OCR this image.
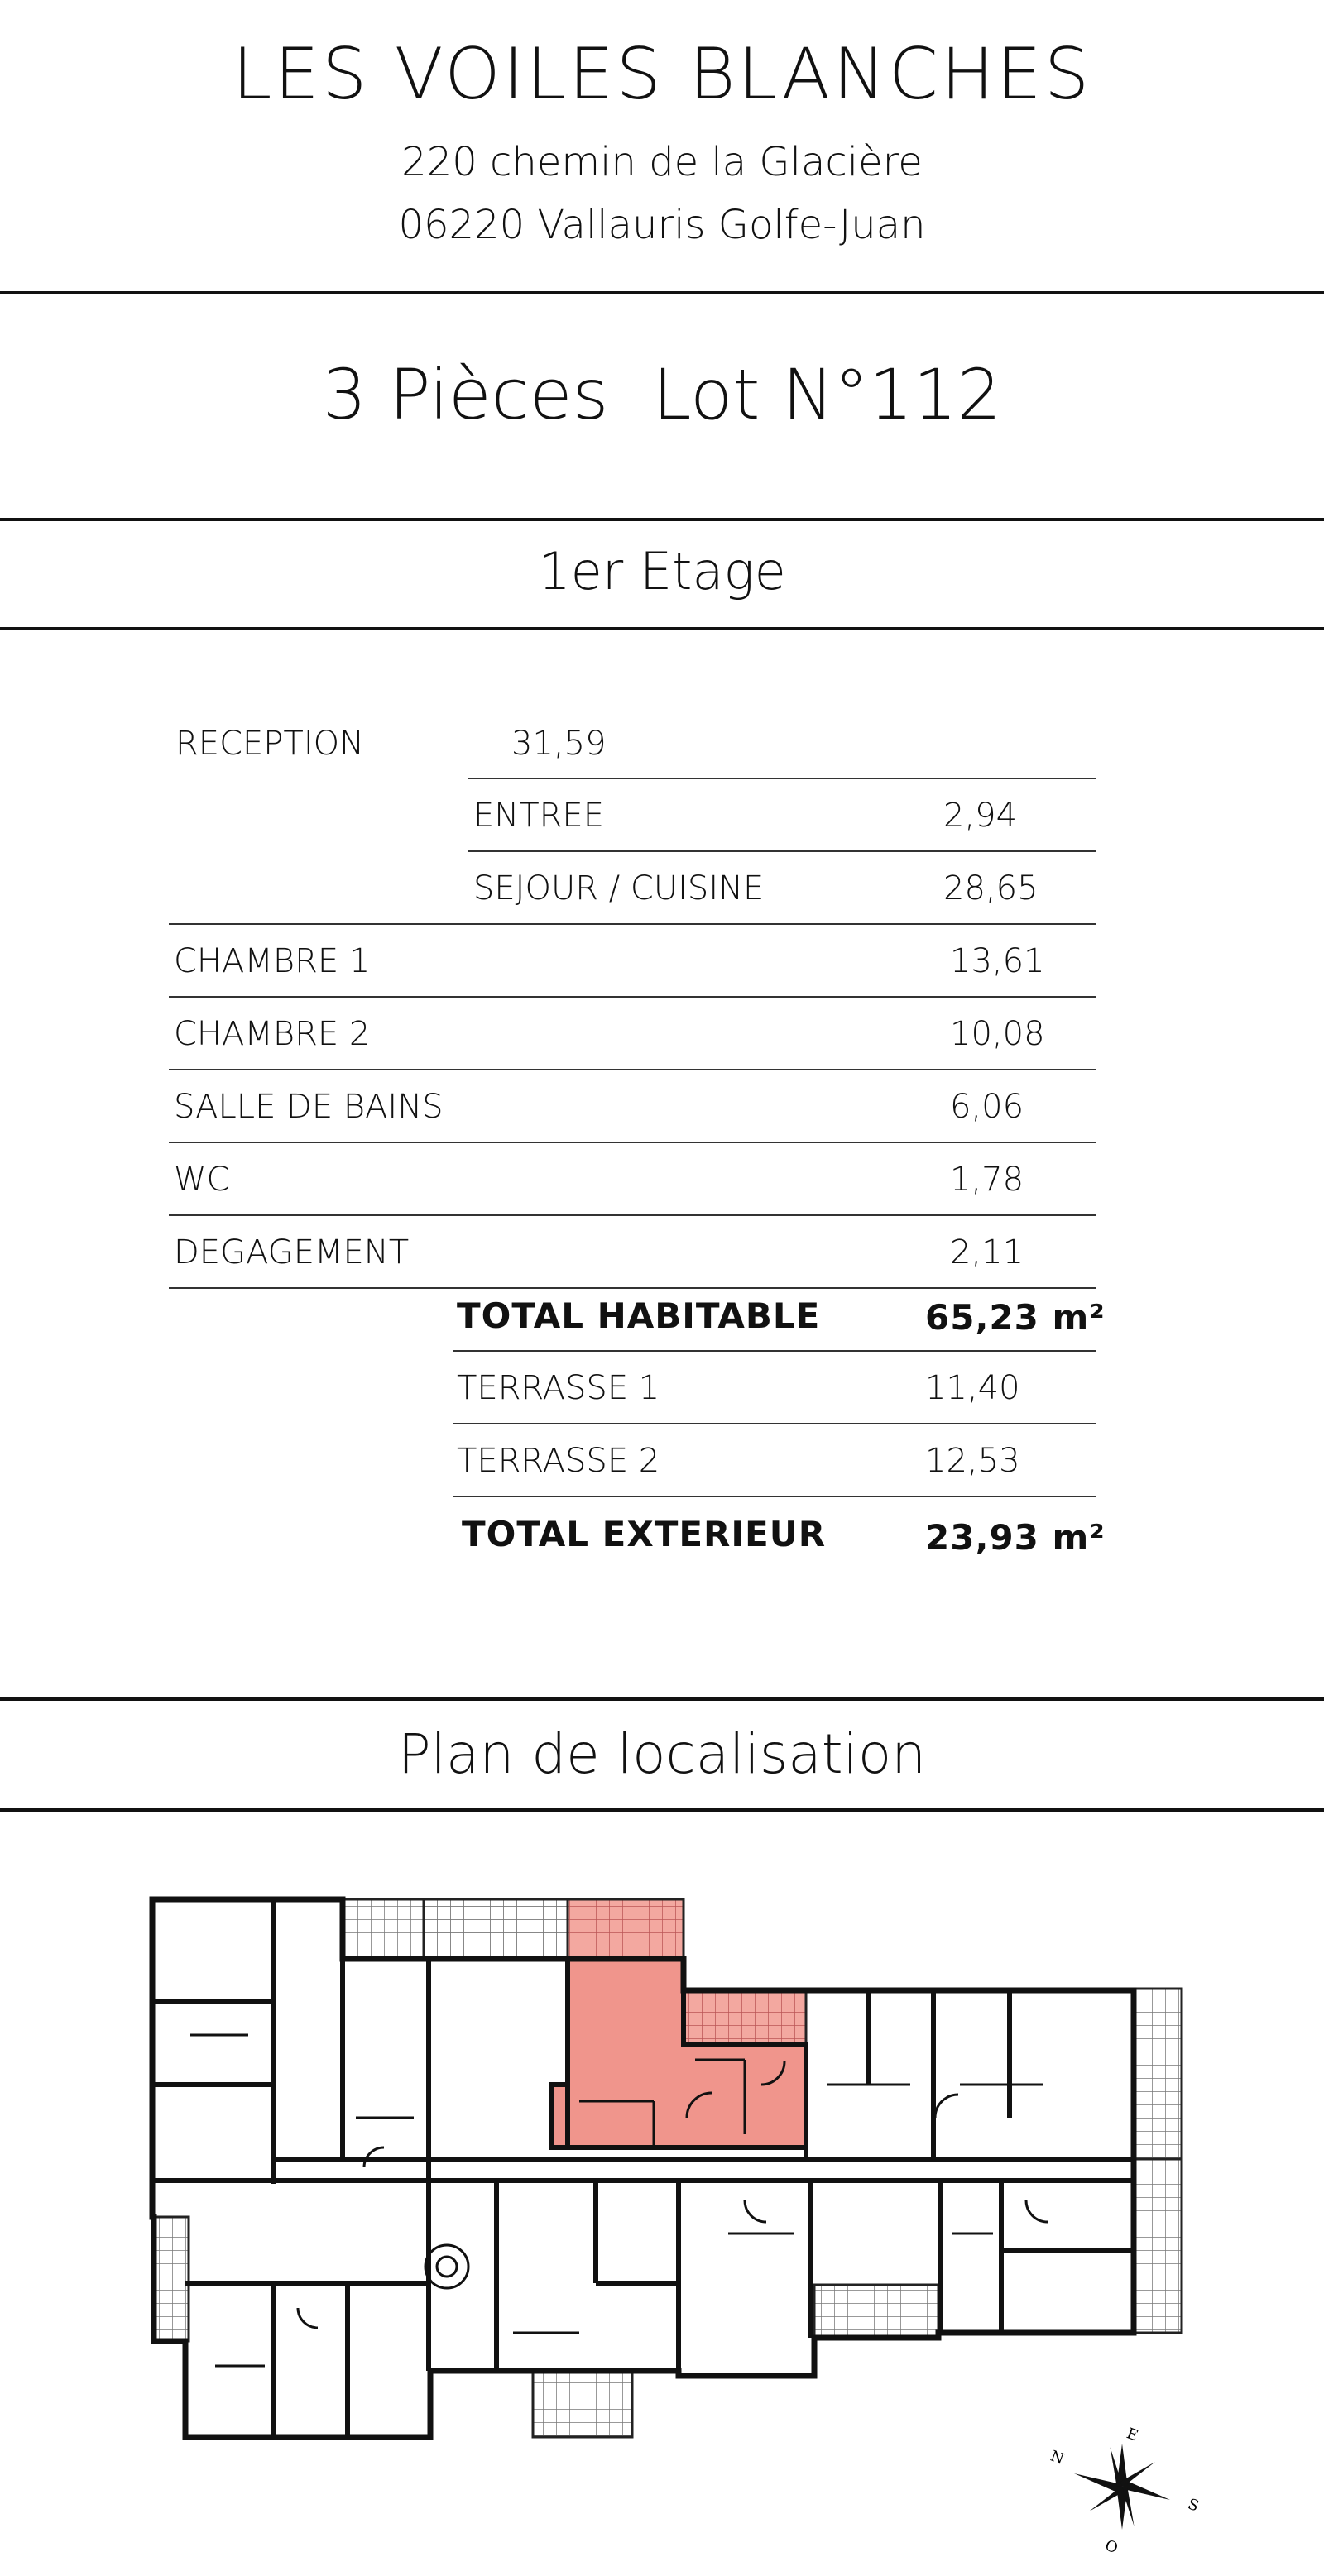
LES VOILES BLANCHES
220 chemin de la Glacière
06220 Vallauris Golfe-Juan
3 Pièces  Lot N°112
1er Etage
RECEPTION	31,59
ENTREE	2,94
SEJOUR / CUISINE	28,65
CHAMBRE 1	13,61
CHAMBRE 2	10,08
SALLE DE BAINS	6,06
WC	1,78
DEGAGEMENT	2,11
TOTAL HABITABLE	65,23 m²
TERRASSE 1	11,40
TERRASSE 2	12,53
TOTAL EXTERIEUR	23,93 m²
Plan de localisation
N
E
S
O
